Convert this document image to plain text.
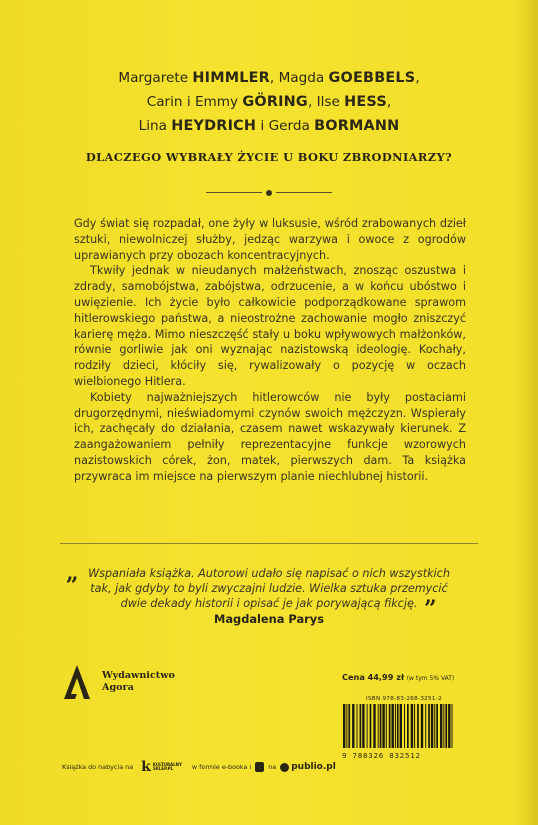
Margarete HIMMLER, Magda GOEBBELS,
Carin i Emmy GÖRING, Ilse HESS,
Lina HEYDRICH i Gerda BORMANN
DLACZEGO WYBRAŁY ŻYCIE U BOKU ZBRODNIARZY?

Gdy świat się rozpadał, one żyły w luksusie, wśród zrabowanych dzieł sztuki, niewolniczej służby, jedząc warzywa i owoce z ogrodów uprawianych przy obozach koncentracyjnych.

Tkwiły jednak w nieudanych małżeństwach, znosząc oszustwa i zdrady, samobójstwa, zabójstwa, odrzucenie, a w końcu ubóstwo i uwięzienie. Ich życie było całkowicie podporządkowane sprawom hitlerowskiego państwa, a nieostrożne zachowanie mogło zniszczyć karierę męża. Mimo nieszczęść stały u boku wpływowych małżonków, równie gorliwie jak oni wyznając nazistowską ideologię. Kochały, rodziły dzieci, kłóciły się, rywalizowały o pozycję w oczach wielbionego Hitlera.

Kobiety najważniejszych hitlerowców nie były postaciami drugorzędnymi, nieświadomymi czynów swoich mężczyzn. Wspierały ich, zachęcały do działania, czasem nawet wskazywały kierunek. Z zaangażowaniem pełniły reprezentacyjne funkcje wzorowych nazistowskich córek, żon, matek, pierwszych dam. Ta książka przywraca im miejsce na pierwszym planie niechlubnej historii.

„ Wspaniała książka. Autorowi udało się napisać o nich wszystkich tak, jak gdyby to byli zwyczajni ludzie. Wielka sztuka przemycić dwie dekady historii i opisać je jak porywającą fikcję. ”
Magdalena Parys
Wydawnictwo
Agora
Cena 44,99 zł (w tym 5% VAT)
ISBN 978-83-268-3251-2
9 788326 832512
Książka do nabycia na k KULTURALNY
SKLEP.PL	w formie e-booka i	na publio.pl
